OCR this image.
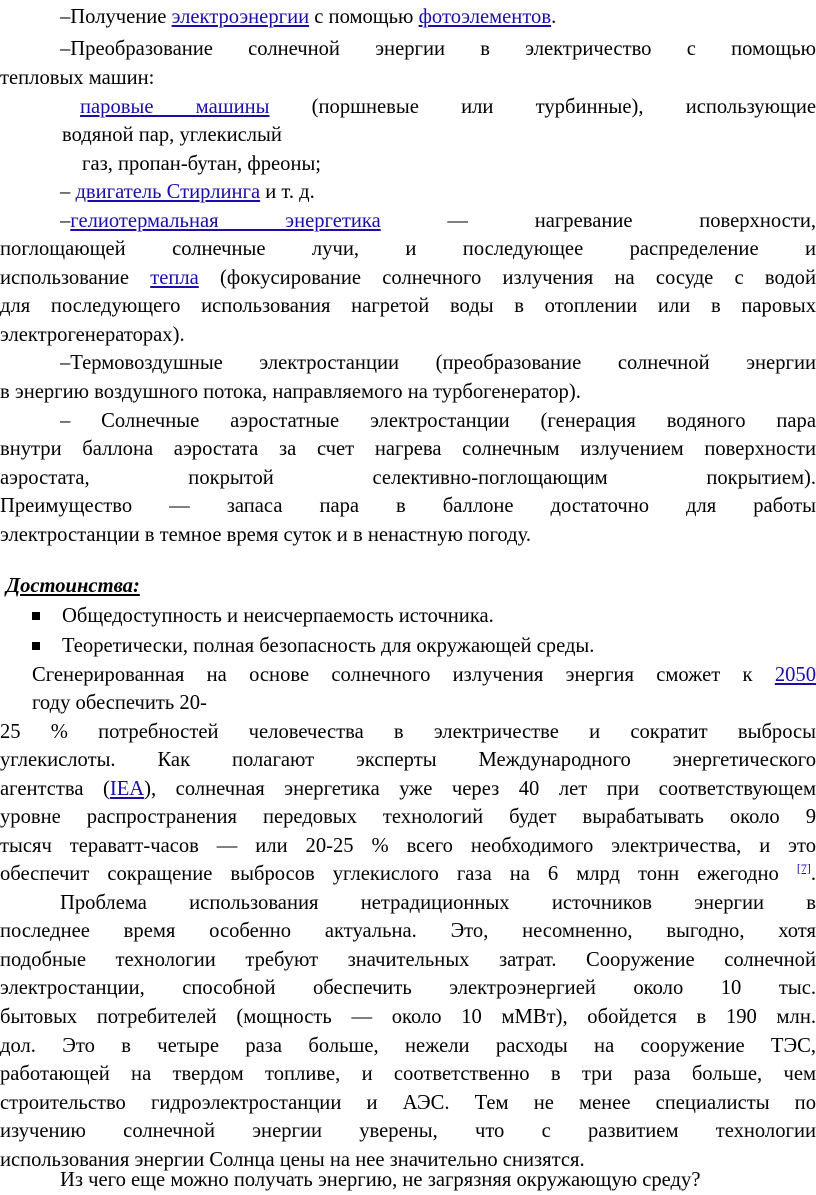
–Получение электроэнергии с помощью фотоэлементов.
–Преобразование солнечной энергии в электричество с помощью
тепловых машин:
паровые машины (поршневые или турбинные), использующие
водяной пар, углекислый
газ, пропан-бутан, фреоны;
– двигатель Стирлинга и т. д.
–гелиотермальная энергетика — нагревание поверхности,
поглощающей солнечные лучи, и последующее распределение и
использование тепла (фокусирование солнечного излучения на сосуде с водой
для последующего использования нагретой воды в отоплении или в паровых
электрогенераторах).
–Термовоздушные электростанции (преобразование солнечной энергии
в энергию воздушного потока, направляемого на турбогенератор).
– Солнечные аэростатные электростанции (генерация водяного пара
внутри баллона аэростата за счет нагрева солнечным излучением поверхности
аэростата, покрытой селективно-поглощающим покрытием).
Преимущество — запаса пара в баллоне достаточно для работы
электростанции в темное время суток и в ненастную погоду.
Достоинства:
Общедоступность и неисчерпаемость источника.
Теоретически, полная безопасность для окружающей среды.
Сгенерированная на основе солнечного излучения энергия сможет к 2050
году обеспечить 20-
25 % потребностей человечества в электричестве и сократит выбросы
углекислоты. Как полагают эксперты Международного энергетического
агентства (IEA), солнечная энергетика уже через 40 лет при соответствующем
уровне распространения передовых технологий будет вырабатывать около 9
тысяч тераватт-часов — или 20-25 % всего необходимого электричества, и это
обеспечит сокращение выбросов углекислого газа на 6 млрд тонн ежегодно [7].
Проблема использования нетрадиционных источников энергии в
последнее время особенно актуальна. Это, несомненно, выгодно, хотя
подобные технологии требуют значительных затрат. Сооружение солнечной
электростанции, способной обеспечить электроэнергией около 10 тыс.
бытовых потребителей (мощность — около 10 мМВт), обойдется в 190 млн.
дол. Это в четыре раза больше, нежели расходы на сооружение ТЭС,
работающей на твердом топливе, и соответственно в три раза больше, чем
строительство гидроэлектростанции и АЭС. Тем не менее специалисты по
изучению солнечной энергии уверены, что с развитием технологии
использования энергии Солнца цены на нее значительно снизятся.
Из чего еще можно получать энергию, не загрязняя окружающую среду?
